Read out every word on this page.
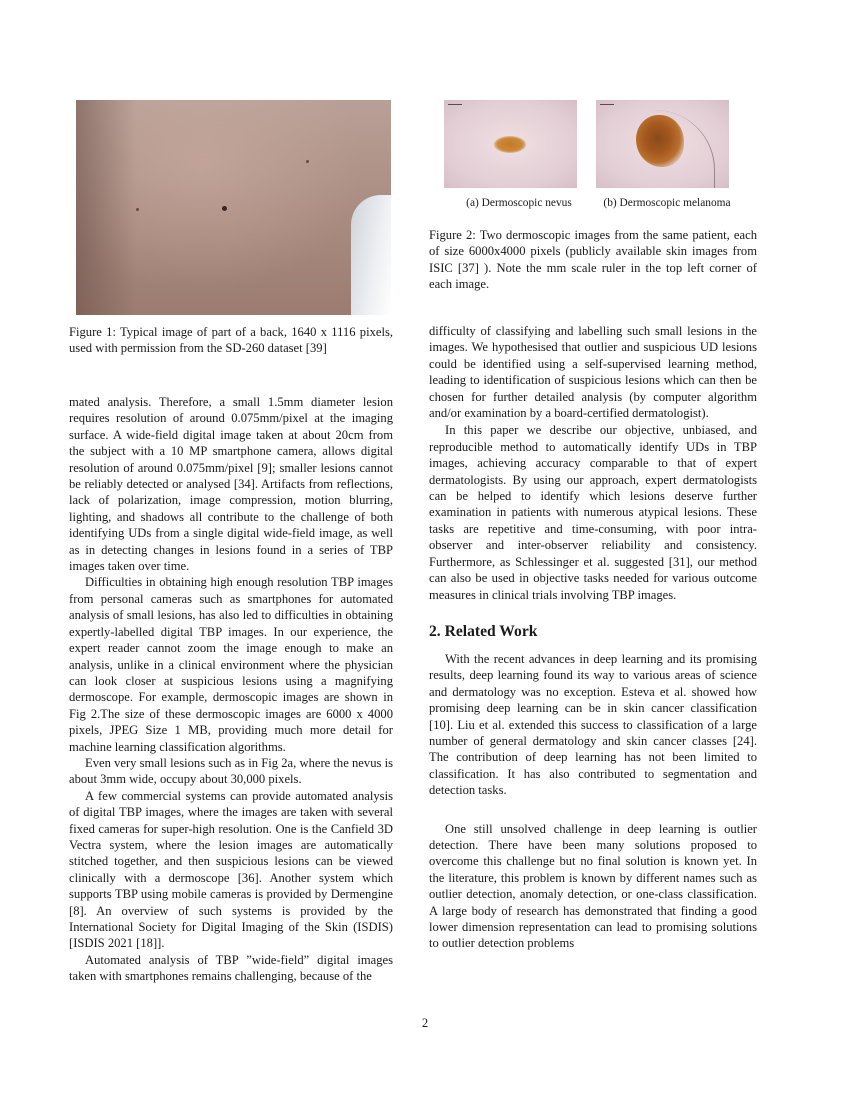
Figure 1: Typical image of part of a back, 1640 x 1116 pixels, used with permission from the SD-260 dataset [39]
(a) Dermoscopic nevus	(b) Dermoscopic melanoma
Figure 2: Two dermoscopic images from the same patient, each of size 6000x4000 pixels (publicly available skin images from ISIC [37] ). Note the mm scale ruler in the top left corner of each image.

mated analysis. Therefore, a small 1.5mm diameter lesion requires resolution of around 0.075mm/pixel at the imaging surface. A wide-field digital image taken at about 20cm from the subject with a 10 MP smartphone camera, allows digital resolution of around 0.075mm/pixel [9]; smaller lesions cannot be reliably detected or analysed [34]. Artifacts from reflections, lack of polarization, image compression, motion blurring, lighting, and shadows all contribute to the challenge of both identifying UDs from a single digital wide-field image, as well as in detecting changes in lesions found in a series of TBP images taken over time.

Difficulties in obtaining high enough resolution TBP images from personal cameras such as smartphones for automated analysis of small lesions, has also led to difficulties in obtaining expertly-labelled digital TBP images. In our experience, the expert reader cannot zoom the image enough to make an analysis, unlike in a clinical environment where the physician can look closer at suspicious lesions using a magnifying dermoscope. For example, dermoscopic images are shown in Fig 2.The size of these dermoscopic images are 6000 x 4000 pixels, JPEG Size 1 MB, providing much more detail for machine learning classification algorithms.

Even very small lesions such as in Fig 2a, where the nevus is about 3mm wide, occupy about 30,000 pixels.

A few commercial systems can provide automated analysis of digital TBP images, where the images are taken with several fixed cameras for super-high resolution. One is the Canfield 3D Vectra system, where the lesion images are automatically stitched together, and then suspicious lesions can be viewed clinically with a dermoscope [36]. Another system which supports TBP using mobile cameras is provided by Dermengine [8]. An overview of such systems is provided by the International Society for Digital Imaging of the Skin (ISDIS) [ISDIS 2021 [18]].

Automated analysis of TBP ”wide-field” digital images taken with smartphones remains challenging, because of the

difficulty of classifying and labelling such small lesions in the images. We hypothesised that outlier and suspicious UD lesions could be identified using a self-supervised learning method, leading to identification of suspicious lesions which can then be chosen for further detailed analysis (by computer algorithm and/or examination by a board-certified dermatologist).

In this paper we describe our objective, unbiased, and reproducible method to automatically identify UDs in TBP images, achieving accuracy comparable to that of expert dermatologists. By using our approach, expert dermatologists can be helped to identify which lesions deserve further examination in patients with numerous atypical lesions. These tasks are repetitive and time-consuming, with poor intra-observer and inter-observer reliability and consistency. Furthermore, as Schlessinger et al. suggested [31], our method can also be used in objective tasks needed for various outcome measures in clinical trials involving TBP images.

2. Related Work

With the recent advances in deep learning and its promising results, deep learning found its way to various areas of science and dermatology was no exception. Esteva et al. showed how promising deep learning can be in skin cancer classification [10]. Liu et al. extended this success to classification of a large number of general dermatology and skin cancer classes [24]. The contribution of deep learning has not been limited to classification. It has also contributed to segmentation and detection tasks.

One still unsolved challenge in deep learning is outlier detection. There have been many solutions proposed to overcome this challenge but no final solution is known yet. In the literature, this problem is known by different names such as outlier detection, anomaly detection, or one-class classification. A large body of research has demonstrated that finding a good lower dimension representation can lead to promising solutions to outlier detection problems

2
